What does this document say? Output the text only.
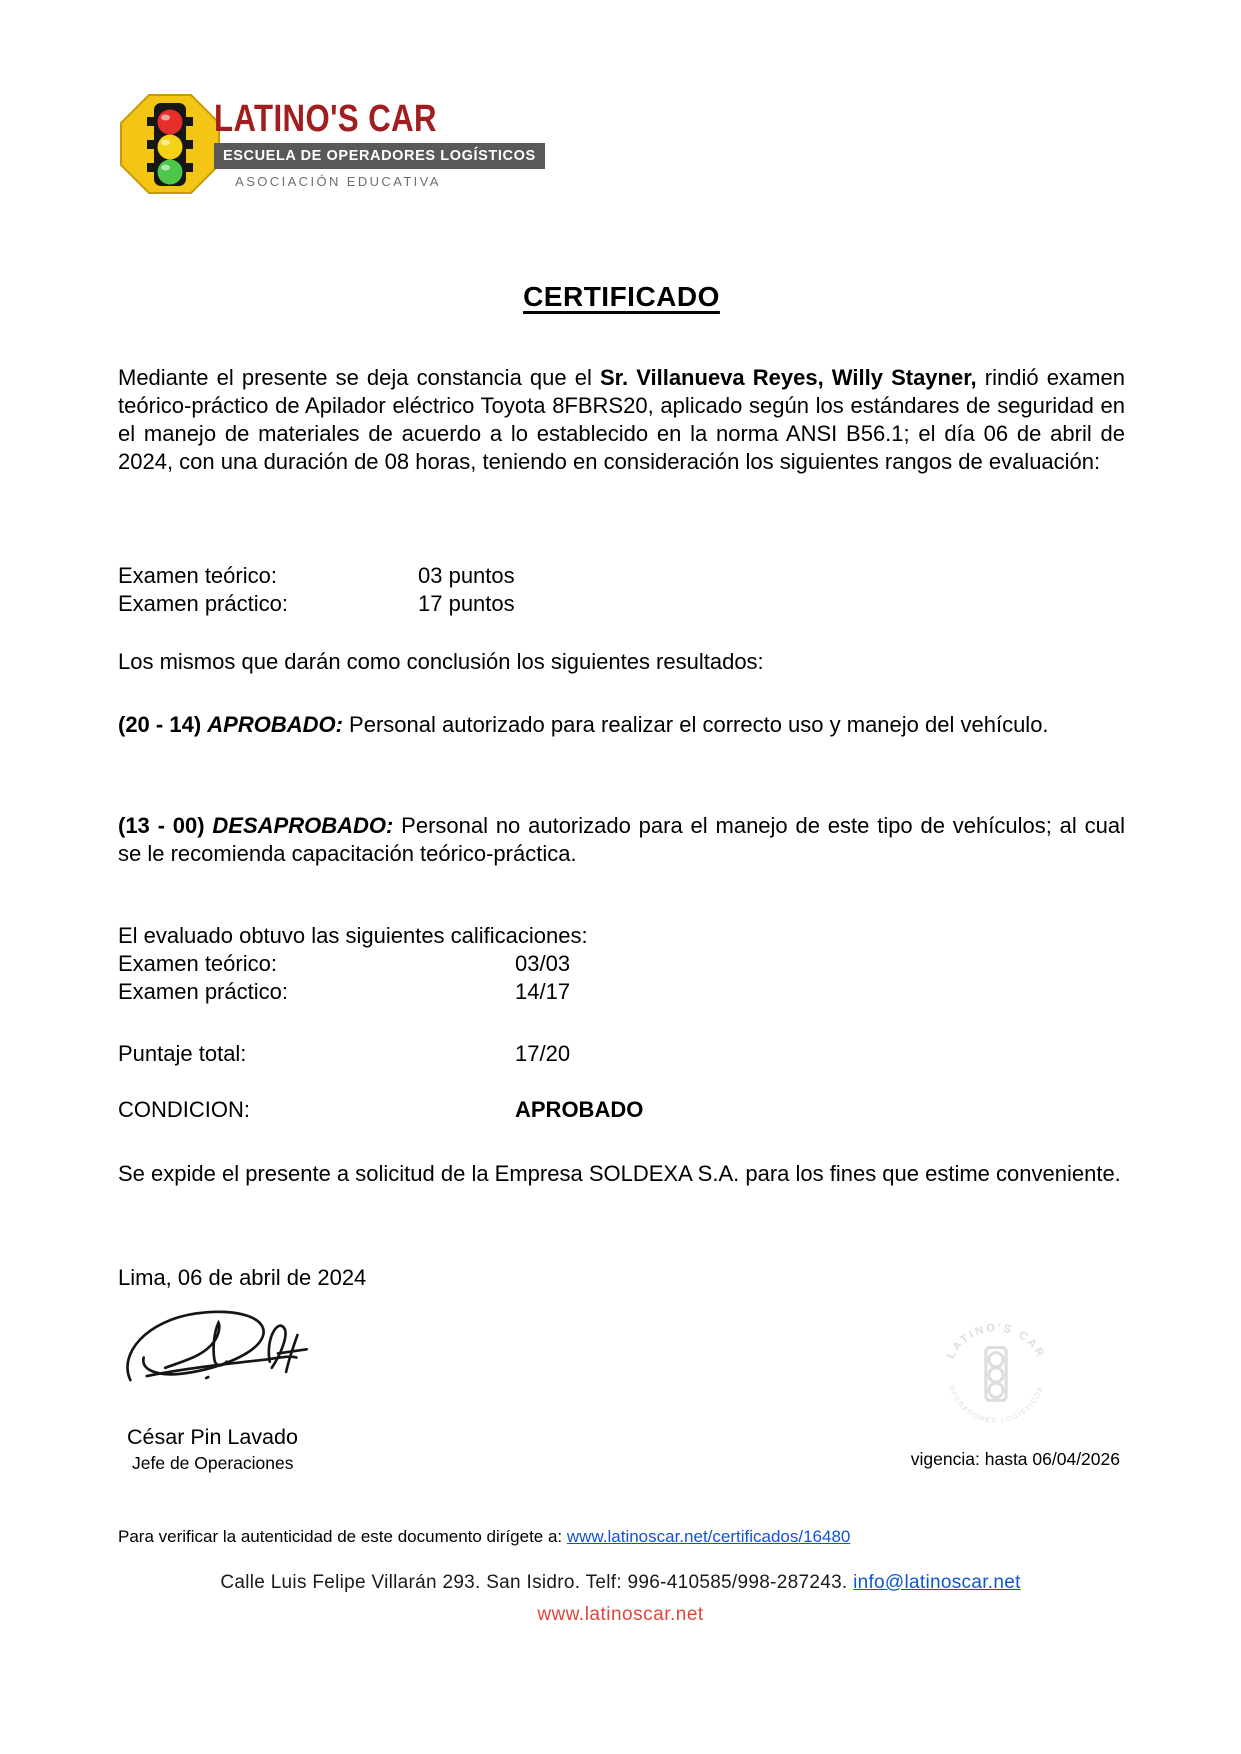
LATINO'S CAR
ESCUELA DE OPERADORES LOGÍSTICOS
ASOCIACIÓN EDUCATIVA
CERTIFICADO
Mediante el presente se deja constancia que el Sr. Villanueva Reyes, Willy Stayner, rindió examen teórico-práctico de Apilador eléctrico Toyota 8FBRS20, aplicado según los estándares de seguridad en el manejo de materiales de acuerdo a lo establecido en la norma ANSI B56.1; el día 06 de abril de 2024, con una duración de 08 horas, teniendo en consideración los siguientes rangos de evaluación:
Examen teórico:	03 puntos
Examen práctico:	17 puntos
Los mismos que darán como conclusión los siguientes resultados:
(20 - 14) APROBADO: Personal autorizado para realizar el correcto uso y manejo del vehículo.
(13 - 00) DESAPROBADO: Personal no autorizado para el manejo de este tipo de vehículos; al cual se le recomienda capacitación teórico-práctica.
El evaluado obtuvo las siguientes calificaciones:
Examen teórico:	03/03
Examen práctico:	14/17
Puntaje total:	17/20
CONDICION:	APROBADO
Se expide el presente a solicitud de la Empresa SOLDEXA S.A. para los fines que estime conveniente.
Lima, 06 de abril de 2024
César Pin Lavado
Jefe de Operaciones
LATINO'S CAR
OPERADORES LOGISTICOS
vigencia: hasta 06/04/2026
Para verificar la autenticidad de este documento dirígete a: www.latinoscar.net/certificados/16480
Calle Luis Felipe Villarán 293. San Isidro. Telf: 996-410585/998-287243. info@latinoscar.net
www.latinoscar.net
